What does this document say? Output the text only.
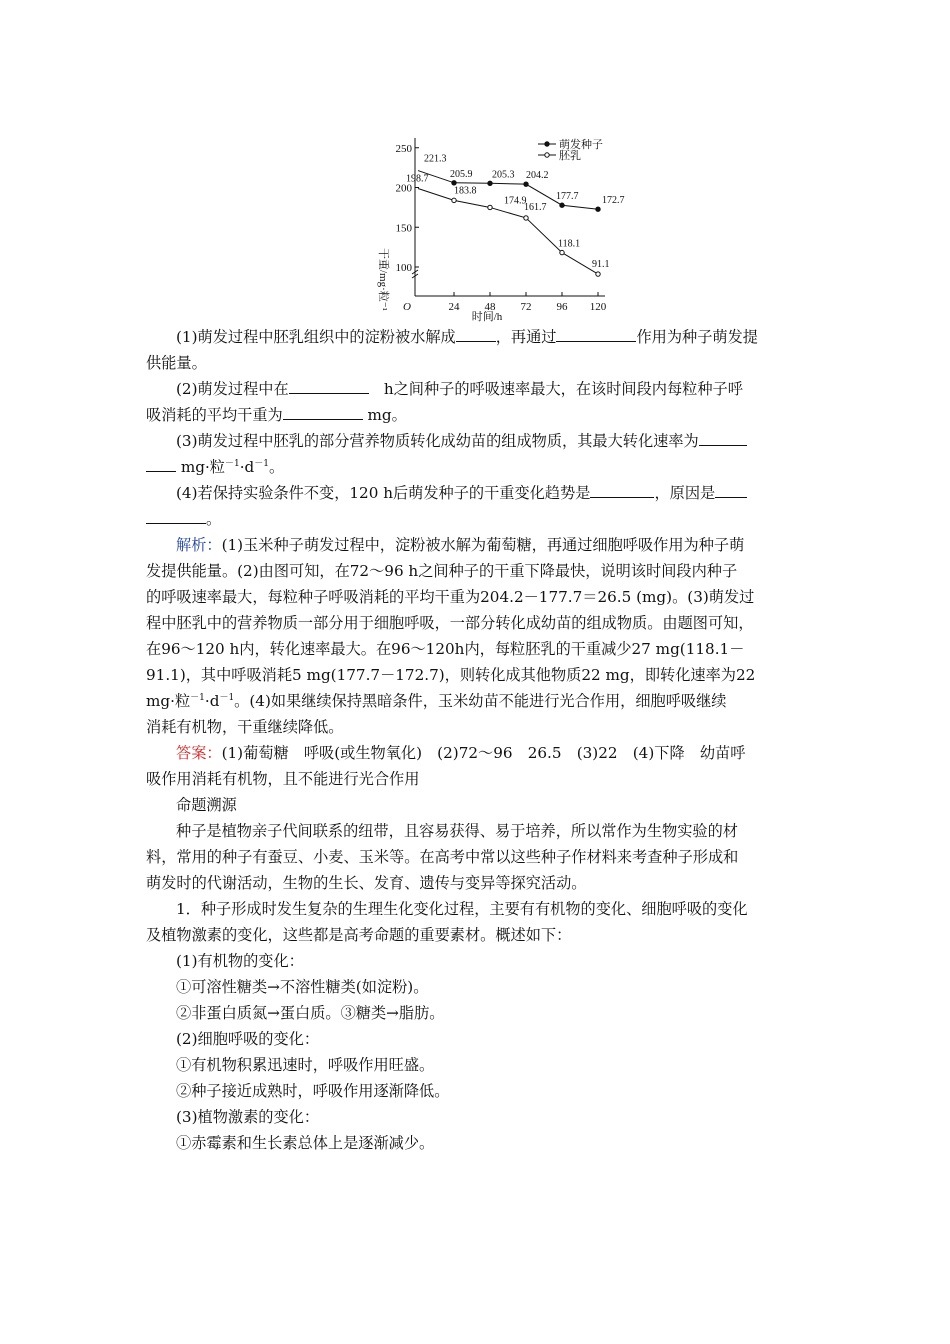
干重/mg·粒⁻¹ 100
150
200
250
24 48 72 96 120
O
时间/h
221.3
205.9 205.3 204.2
177.7 172.7
198.7
183.8
174.9
161.7
118.1
91.1
萌发种子
胚乳
(1)萌发过程中胚乳组织中的淀粉被水解成	，再通过	作用为种子萌发提
供能量。
(2)萌发过程中在　	h之间种子的呼吸速率最大，在该时间段内每粒种子呼
吸消耗的平均干重为	mg。
(3)萌发过程中胚乳的部分营养物质转化成幼苗的组成物质，其最大转化速率为
mg·粒$^{-1}\cdot d^{-1}$。
(4)若保持实验条件不变，120 h后萌发种子的干重变化趋势是	，原因是
。
解析：(1)玉米种子萌发过程中，淀粉被水解为葡萄糖，再通过细胞呼吸作用为种子萌
发提供能量。(2)由图可知，在72～96 h之间种子的干重下降最快，说明该时间段内种子
的呼吸速率最大，每粒种子呼吸消耗的平均干重为204.2－177.7＝26.5 (mg)。(3)萌发过
程中胚乳中的营养物质一部分用于细胞呼吸，一部分转化成幼苗的组成物质。由题图可知，
在96～120 h内，转化速率最大。在96～120h内，每粒胚乳的干重减少27 mg(118.1－
91.1)，其中呼吸消耗5 mg(177.7－172.7)，则转化成其他物质22 mg，即转化速率为22
mg·粒$^{-1}\cdot d^{-1}$。(4)如果继续保持黑暗条件，玉米幼苗不能进行光合作用，细胞呼吸继续
消耗有机物，干重继续降低。
答案：(1)葡萄糖　呼吸(或生物氧化)　(2)72～96　26.5　(3)22　(4)下降　幼苗呼
吸作用消耗有机物，且不能进行光合作用
命题溯源
种子是植物亲子代间联系的纽带，且容易获得、易于培养，所以常作为生物实验的材
料，常用的种子有蚕豆、小麦、玉米等。在高考中常以这些种子作材料来考查种子形成和
萌发时的代谢活动，生物的生长、发育、遗传与变异等探究活动。
1．种子形成时发生复杂的生理生化变化过程，主要有有机物的变化、细胞呼吸的变化
及植物激素的变化，这些都是高考命题的重要素材。概述如下：
(1)有机物的变化：
①可溶性糖类→不溶性糖类(如淀粉)。
②非蛋白质氮→蛋白质。③糖类→脂肪。
(2)细胞呼吸的变化：
①有机物积累迅速时，呼吸作用旺盛。
②种子接近成熟时，呼吸作用逐渐降低。
(3)植物激素的变化：
①赤霉素和生长素总体上是逐渐减少。
